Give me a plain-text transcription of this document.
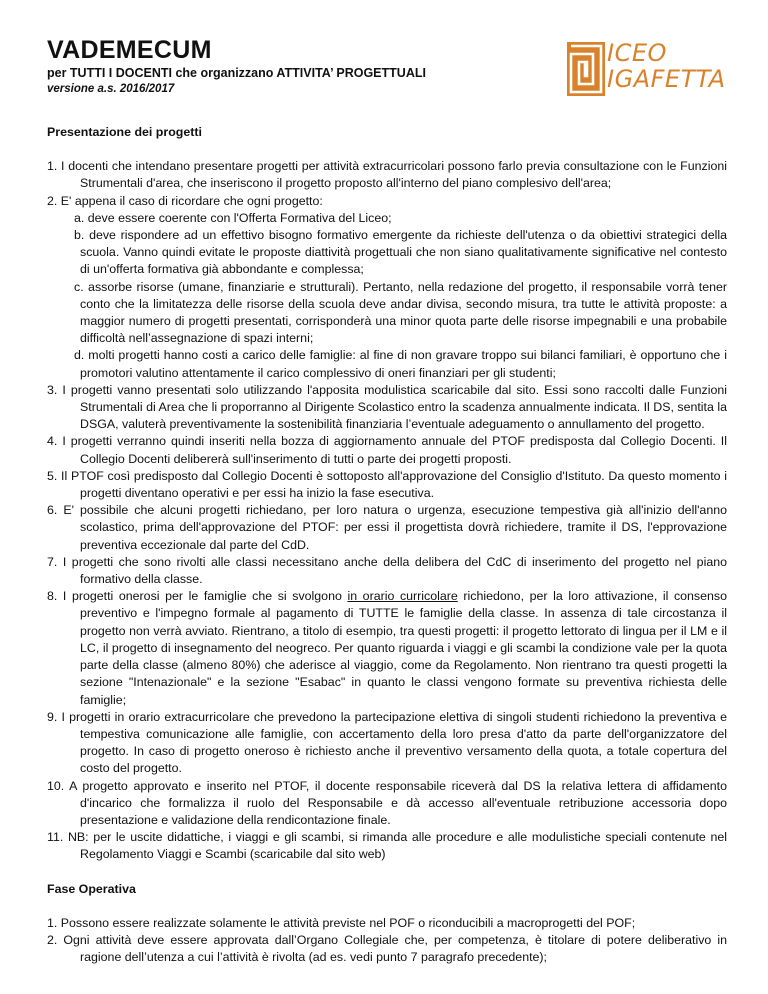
VADEMECUM
per TUTTI I DOCENTI che organizzano ATTIVITA’ PROGETTUALI
versione a.s. 2016/2017
ICEO
IGAFETTA
Presentazione dei progetti
1. I docenti che intendano presentare progetti per attività extracurricolari possono farlo previa consultazione con le Funzioni Strumentali d'area, che inseriscono il progetto proposto all'interno del piano complesivo dell'area;
2. E' appena il caso di ricordare che ogni progetto:
a. deve essere coerente con l'Offerta Formativa del Liceo;
b. deve rispondere ad un effettivo bisogno formativo emergente da richieste dell'utenza o da obiettivi strategici della scuola. Vanno quindi evitate le proposte diattività progettuali che non siano qualitativamente significative nel contesto di un'offerta formativa già abbondante e complessa;
c. assorbe risorse (umane, finanziarie e strutturali). Pertanto, nella redazione del progetto, il responsabile vorrà tener conto che la limitatezza delle risorse della scuola deve andar divisa, secondo misura, tra tutte le attività proposte: a maggior numero di progetti presentati, corrisponderà una minor quota parte delle risorse impegnabili e una probabile difficoltà nell’assegnazione di spazi interni;
d. molti progetti hanno costi a carico delle famiglie: al fine di non gravare troppo sui bilanci familiari, è opportuno che i promotori valutino attentamente il carico complessivo di oneri finanziari per gli studenti;
3. I progetti vanno presentati solo utilizzando l'apposita modulistica scaricabile dal sito. Essi sono raccolti dalle Funzioni Strumentali di Area che li proporranno al Dirigente Scolastico entro la scadenza annualmente indicata. Il DS, sentita la DSGA, valuterà preventivamente la sostenibilità finanziaria l’eventuale adeguamento o annullamento del progetto.
4. I progetti verranno quindi inseriti nella bozza di aggiornamento annuale del PTOF predisposta dal Collegio Docenti. Il Collegio Docenti delibererà sull'inserimento di tutti o parte dei progetti proposti.
5. Il PTOF così predisposto dal Collegio Docenti è sottoposto all'approvazione del Consiglio d'Istituto. Da questo momento i progetti diventano operativi e per essi ha inizio la fase esecutiva.
6. E' possibile che alcuni progetti richiedano, per loro natura o urgenza, esecuzione tempestiva già all'inizio dell'anno scolastico, prima dell'approvazione del PTOF: per essi il progettista dovrà richiedere, tramite il DS, l'epprovazione preventiva eccezionale dal parte del CdD.
7. I progetti che sono rivolti alle classi necessitano anche della delibera del CdC di inserimento del progetto nel piano formativo della classe.
8. I progetti onerosi per le famiglie che si svolgono in orario curricolare richiedono, per la loro attivazione, il consenso preventivo e l'impegno formale al pagamento di TUTTE le famiglie della classe. In assenza di tale circostanza il progetto non verrà avviato. Rientrano, a titolo di esempio, tra questi progetti: il progetto lettorato di lingua per il LM e il LC, il progetto di insegnamento del neogreco. Per quanto riguarda i viaggi e gli scambi la condizione vale per la quota parte della classe (almeno 80%) che aderisce al viaggio, come da Regolamento. Non rientrano tra questi progetti la sezione "Intenazionale" e la sezione "Esabac" in quanto le classi vengono formate su preventiva richiesta delle famiglie;
9. I progetti in orario extracurricolare che prevedono la partecipazione elettiva di singoli studenti richiedono la preventiva e tempestiva comunicazione alle famiglie, con accertamento della loro presa d'atto da parte dell'organizzatore del progetto. In caso di progetto oneroso è richiesto anche il preventivo versamento della quota, a totale copertura del costo del progetto.
10. A progetto approvato e inserito nel PTOF, il docente responsabile riceverà dal DS la relativa lettera di affidamento d'incarico che formalizza il ruolo del Responsabile e dà accesso all'eventuale retribuzione accessoria dopo presentazione e validazione della rendicontazione finale.
11. NB: per le uscite didattiche, i viaggi e gli scambi, si rimanda alle procedure e alle modulistiche speciali contenute nel Regolamento Viaggi e Scambi (scaricabile dal sito web)
Fase Operativa
1. Possono essere realizzate solamente le attività previste nel POF o riconducibili a macroprogetti del POF;
2. Ogni attività deve essere approvata dall’Organo Collegiale che, per competenza, è titolare di potere deliberativo in ragione dell’utenza a cui l’attività è rivolta (ad es. vedi punto 7 paragrafo precedente);
